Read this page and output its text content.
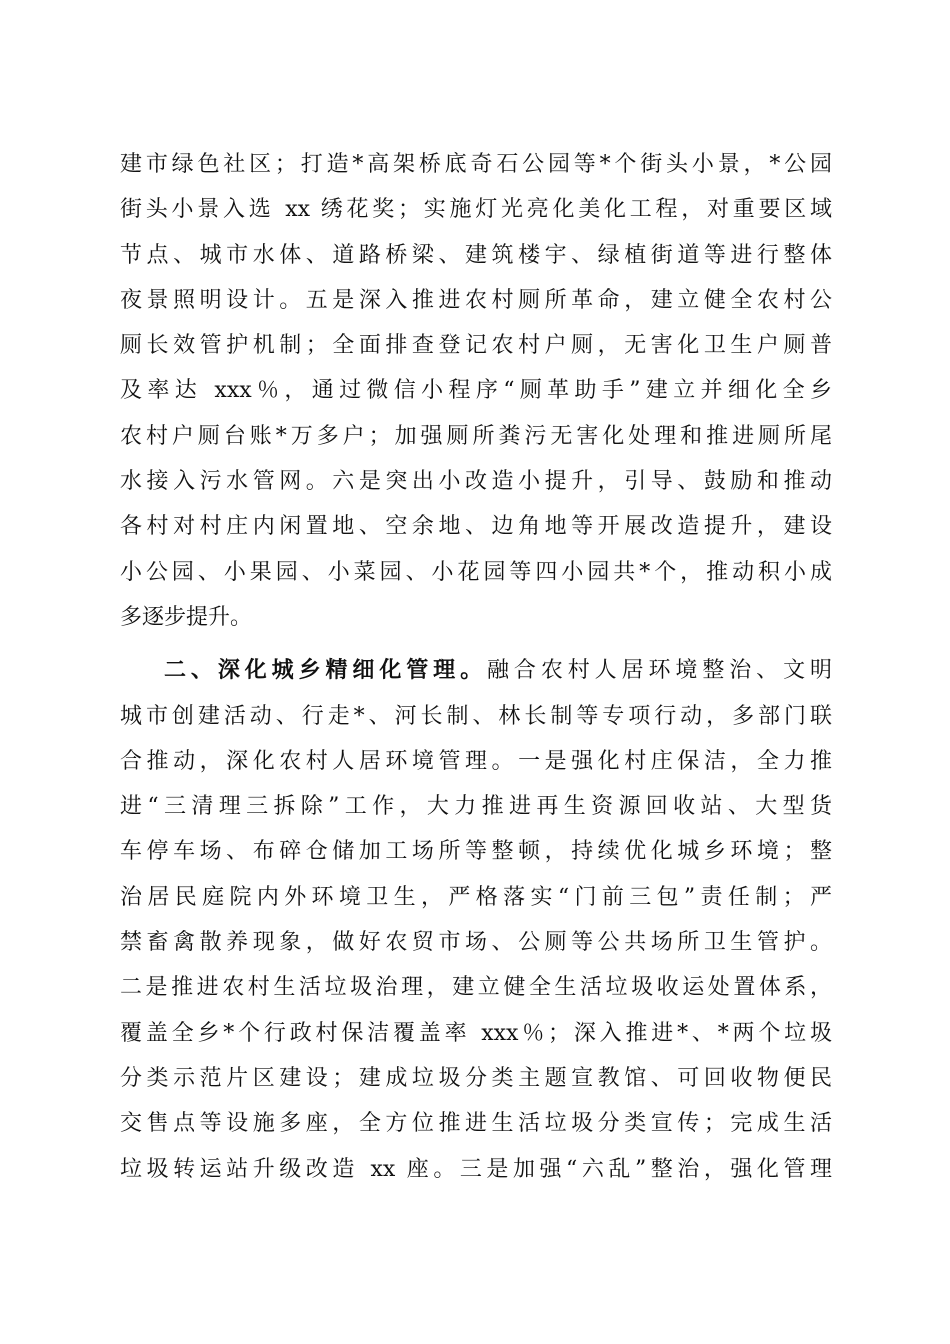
建市绿色社区；打造*高架桥底奇石公园等*个街头小景，*公园
街头小景入选 xx 绣花奖；实施灯光亮化美化工程，对重要区域
节点、城市水体、道路桥梁、建筑楼宇、绿植街道等进行整体
夜景照明设计。五是深入推进农村厕所革命，建立健全农村公
厕长效管护机制；全面排查登记农村户厕，无害化卫生户厕普
及率达 xxx％，通过微信小程序“厕革助手”建立并细化全乡
农村户厕台账*万多户；加强厕所粪污无害化处理和推进厕所尾
水接入污水管网。六是突出小改造小提升，引导、鼓励和推动
各村对村庄内闲置地、空余地、边角地等开展改造提升，建设
小公园、小果园、小菜园、小花园等四小园共*个，推动积小成
多逐步提升。
二、深化城乡精细化管理。融合农村人居环境整治、文明
城市创建活动、行走*、河长制、林长制等专项行动，多部门联
合推动，深化农村人居环境管理。一是强化村庄保洁，全力推
进“三清理三拆除”工作，大力推进再生资源回收站、大型货
车停车场、布碎仓储加工场所等整顿，持续优化城乡环境；整
治居民庭院内外环境卫生，严格落实“门前三包”责任制；严
禁畜禽散养现象，做好农贸市场、公厕等公共场所卫生管护。
二是推进农村生活垃圾治理，建立健全生活垃圾收运处置体系，
覆盖全乡*个行政村保洁覆盖率 xxx％；深入推进*、*两个垃圾
分类示范片区建设；建成垃圾分类主题宣教馆、可回收物便民
交售点等设施多座，全方位推进生活垃圾分类宣传；完成生活
垃圾转运站升级改造 xx 座。三是加强“六乱”整治，强化管理
